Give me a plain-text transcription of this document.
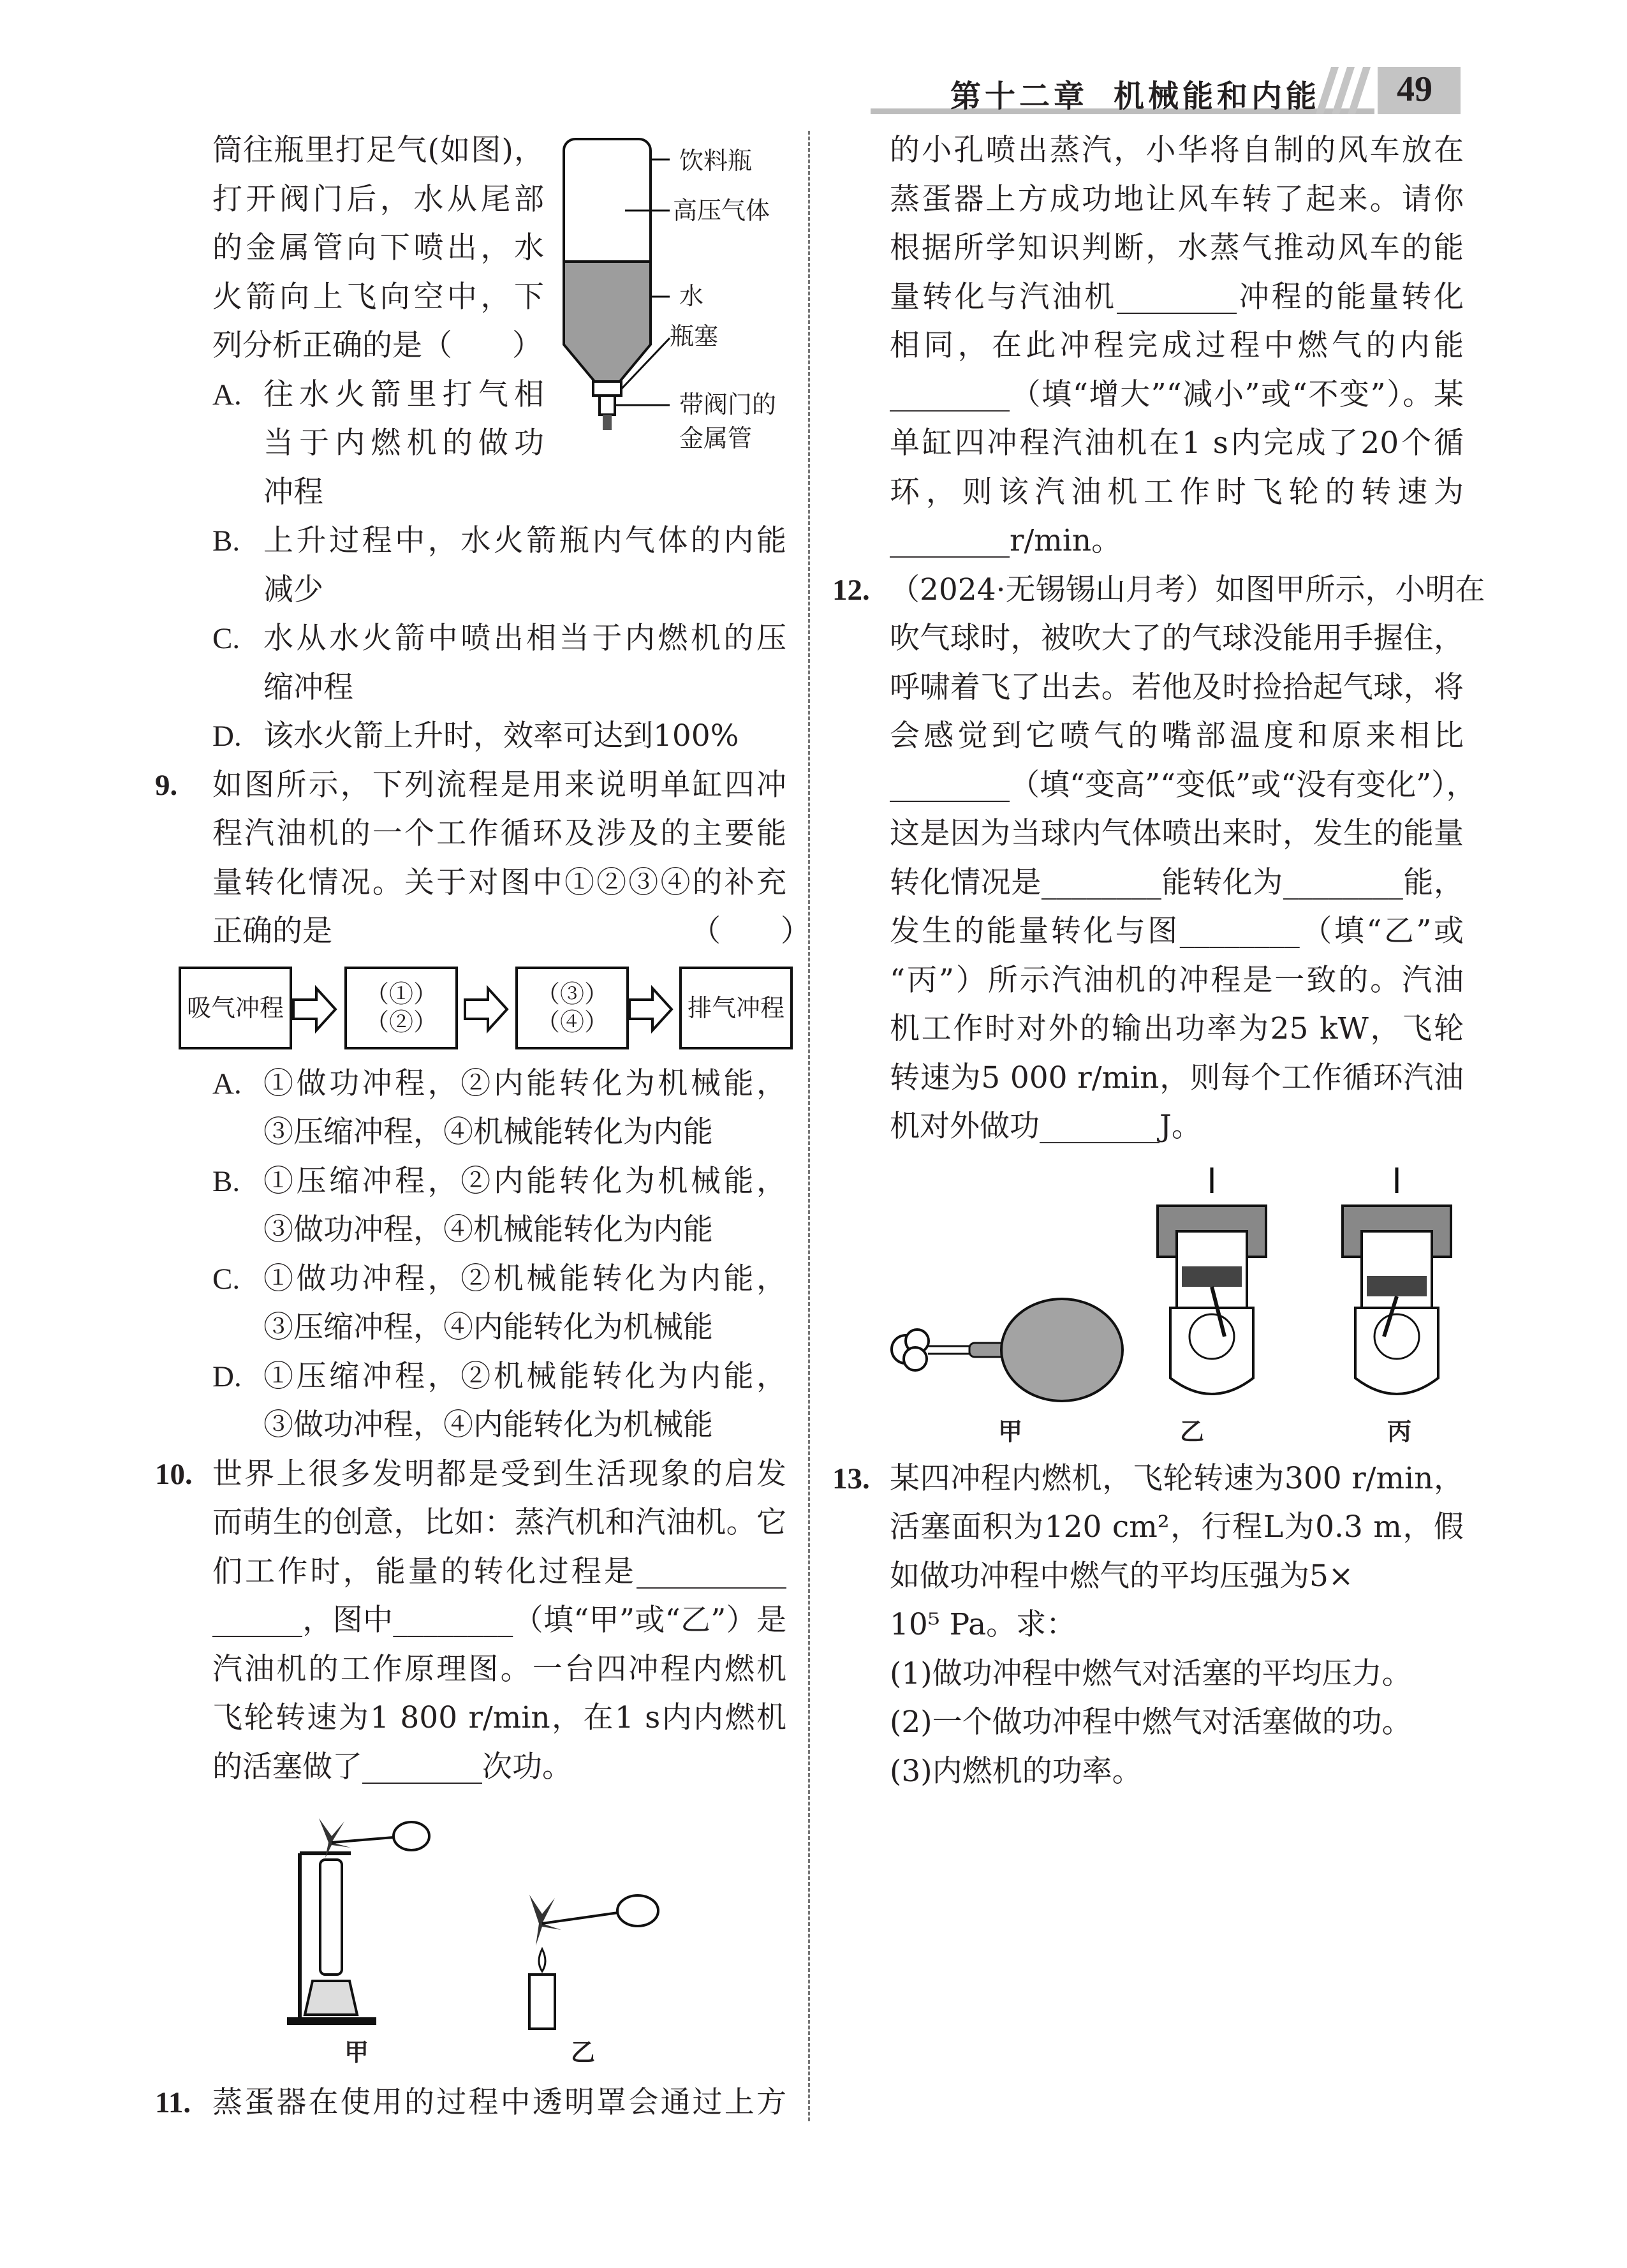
第十二章 机械能和内能	49
筒往瓶里打足气(如图)，
打开阀门后，水从尾部
的金属管向下喷出，水
火箭向上飞向空中，下
列分析正确的是（　　）
A. 往水火箭里打气相
当于内燃机的做功
冲程
B. 上升过程中，水火箭瓶内气体的内能
减少
C. 水从水火箭中喷出相当于内燃机的压
缩冲程
D. 该水火箭上升时，效率可达到100%
9. 如图所示，下列流程是用来说明单缸四冲
程汽油机的一个工作循环及涉及的主要能
量转化情况。关于对图中①②③④的补充
正确的是	（　　）
A. ①做功冲程，②内能转化为机械能，
③压缩冲程，④机械能转化为内能
B. ①压缩冲程，②内能转化为机械能，
③做功冲程，④机械能转化为内能
C. ①做功冲程，②机械能转化为内能，
③压缩冲程，④内能转化为机械能
D. ①压缩冲程，②机械能转化为内能，
③做功冲程，④内能转化为机械能
10. 世界上很多发明都是受到生活现象的启发
而萌生的创意，比如：蒸汽机和汽油机。它
们工作时，能量的转化过程是__________
______，图中________（填“甲”或“乙”）是
汽油机的工作原理图。一台四冲程内燃机
飞轮转速为1 800 r/min，在1 s内内燃机
的活塞做了________次功。
11. 蒸蛋器在使用的过程中透明罩会通过上方
的小孔喷出蒸汽，小华将自制的风车放在
蒸蛋器上方成功地让风车转了起来。请你
根据所学知识判断，水蒸气推动风车的能
量转化与汽油机________冲程的能量转化
相同，在此冲程完成过程中燃气的内能
________（填“增大”“减小”或“不变”）。某
单缸四冲程汽油机在1 s内完成了20个循
环，则该汽油机工作时飞轮的转速为
________r/min。
12. （2024·无锡锡山月考）如图甲所示，小明在
吹气球时，被吹大了的气球没能用手握住，
呼啸着飞了出去。若他及时捡拾起气球，将
会感觉到它喷气的嘴部温度和原来相比
________（填“变高”“变低”或“没有变化”），
这是因为当球内气体喷出来时，发生的能量
转化情况是________能转化为________能，
发生的能量转化与图________（填“乙”或
“丙”）所示汽油机的冲程是一致的。汽油
机工作时对外的输出功率为25 kW，飞轮
转速为5 000 r/min，则每个工作循环汽油
机对外做功________J。
13. 某四冲程内燃机，飞轮转速为300 r/min，
活塞面积为120 cm²，行程L为0.3 m，假
如做功冲程中燃气的平均压强为5×
10⁵ Pa。求：
(1)做功冲程中燃气对活塞的平均压力。
(2)一个做功冲程中燃气对活塞做的功。
(3)内燃机的功率。
饮料瓶
高压气体
水
瓶塞
带阀门的
金属管
吸气冲程	（①）
（②）
（③）
（④）	排气冲程
甲	乙
甲	乙	丙
